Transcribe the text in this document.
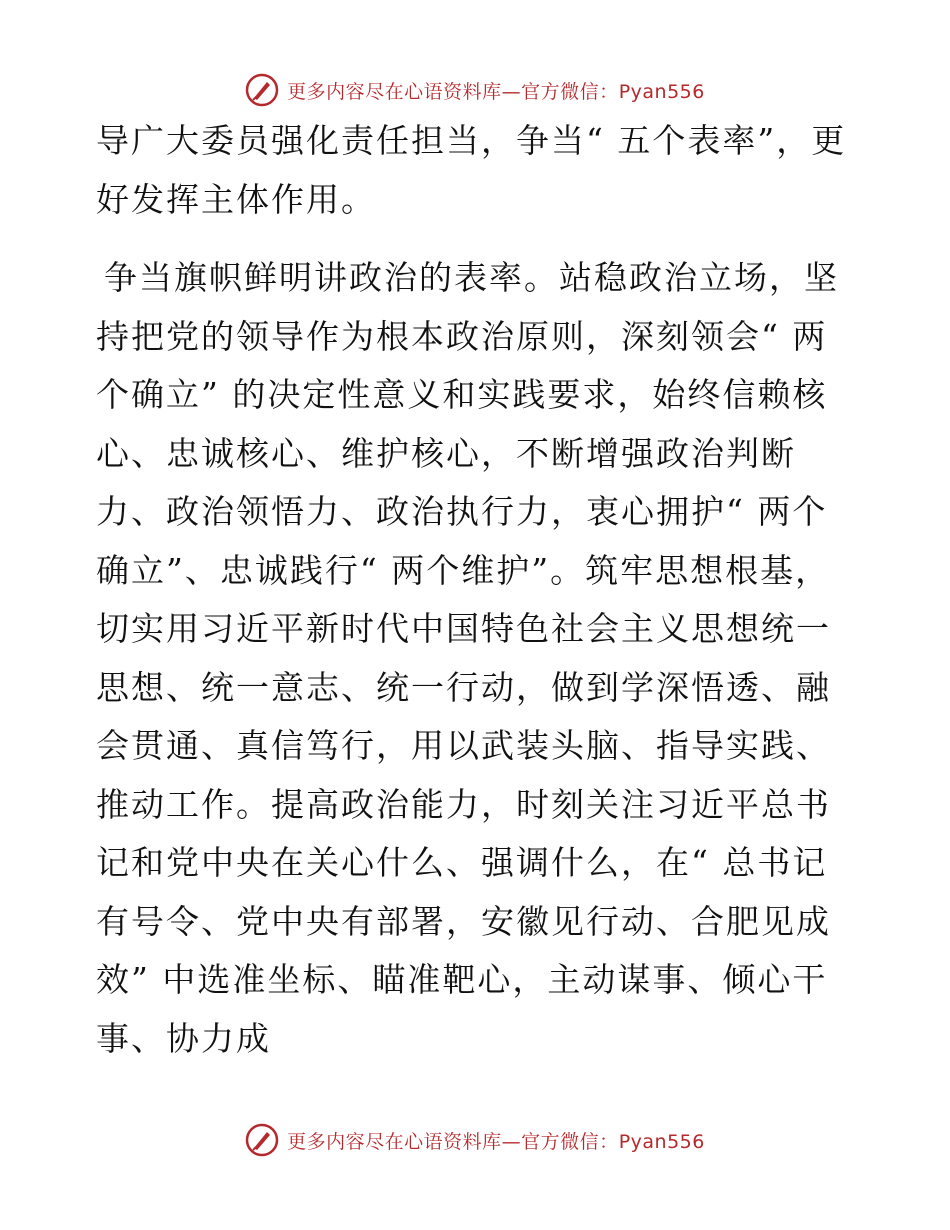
更多内容尽在心语资料库—官方微信：Pyan556

导广大委员强化责任担当，争当“ 五个表率”，更好发挥主体作用。

争当旗帜鲜明讲政治的表率。站稳政治立场，坚持把党的领导作为根本政治原则，深刻领会“ 两个确立” 的决定性意义和实践要求，始终信赖核心、忠诚核心、维护核心，不断增强政治判断力、政治领悟力、政治执行力，衷心拥护“ 两个确立”、忠诚践行“ 两个维护”。筑牢思想根基，切实用习近平新时代中国特色社会主义思想统一思想、统一意志、统一行动，做到学深悟透、融会贯通、真信笃行，用以武装头脑、指导实践、推动工作。提高政治能力，时刻关注习近平总书记和党中央在关心什么、强调什么，在“ 总书记有号令、党中央有部署，安徽见行动、合肥见成效” 中选准坐标、瞄准靶心，主动谋事、倾心干事、协力成

更多内容尽在心语资料库—官方微信：Pyan556
